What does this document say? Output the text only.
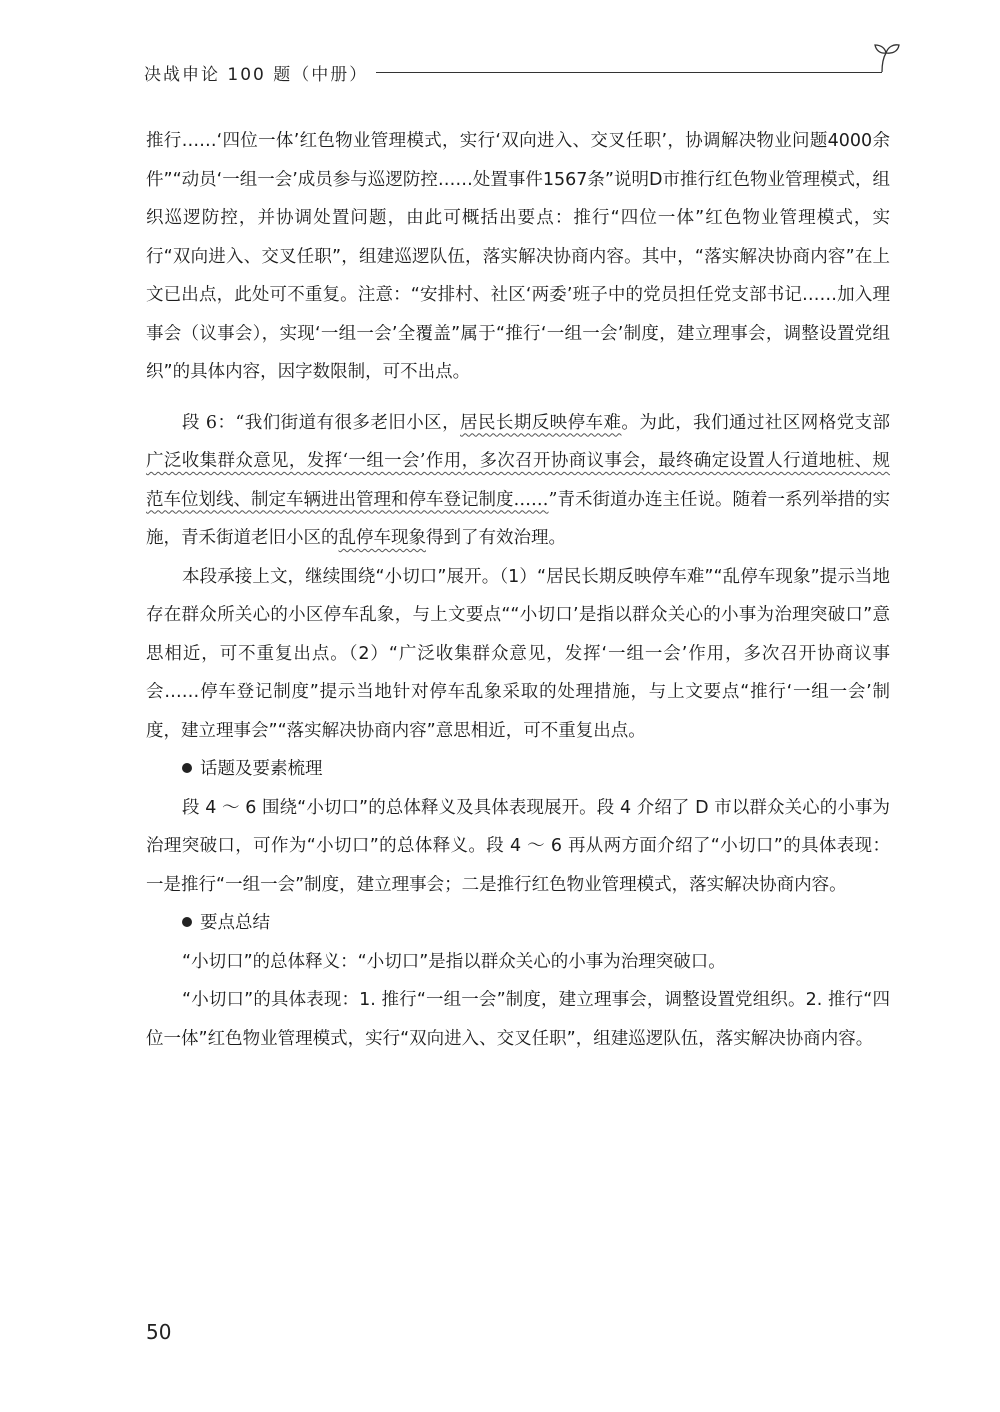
决战申论 100 题（中册）

推行……‘四位一体’红色物业管理模式，实行‘双向进入、交叉任职’，协调解决物业问题4000余件”“动员‘一组一会’成员参与巡逻防控……处置事件1567条”说明D市推行红色物业管理模式，组织巡逻防控，并协调处置问题，由此可概括出要点：推行“四位一体”红色物业管理模式，实行“双向进入、交叉任职”，组建巡逻队伍，落实解决协商内容。其中，“落实解决协商内容”在上文已出点，此处可不重复。注意：“安排村、社区‘两委’班子中的党员担任党支部书记……加入理事会（议事会），实现‘一组一会’全覆盖”属于“推行‘一组一会’制度，建立理事会，调整设置党组织”的具体内容，因字数限制，可不出点。

段 6：“我们街道有很多老旧小区，居民长期反映停车难。为此，我们通过社区网格党支部广泛收集群众意见，发挥‘一组一会’作用，多次召开协商议事会，最终确定设置人行道地桩、规范车位划线、制定车辆进出管理和停车登记制度……”青禾街道办连主任说。随着一系列举措的实施，青禾街道老旧小区的乱停车现象得到了有效治理。

本段承接上文，继续围绕“小切口”展开。（1）“居民长期反映停车难”“乱停车现象”提示当地存在群众所关心的小区停车乱象，与上文要点““小切口’是指以群众关心的小事为治理突破口”意思相近，可不重复出点。（2）“广泛收集群众意见，发挥‘一组一会’作用，多次召开协商议事会……停车登记制度”提示当地针对停车乱象采取的处理措施，与上文要点“推行‘一组一会’制度，建立理事会”“落实解决协商内容”意思相近，可不重复出点。

话题及要素梳理

段 4 ～ 6 围绕“小切口”的总体释义及具体表现展开。段 4 介绍了 D 市以群众关心的小事为治理突破口，可作为“小切口”的总体释义。段 4 ～ 6 再从两方面介绍了“小切口”的具体表现：一是推行“一组一会”制度，建立理事会；二是推行红色物业管理模式，落实解决协商内容。

要点总结

“小切口”的总体释义：“小切口”是指以群众关心的小事为治理突破口。

“小切口”的具体表现：1. 推行“一组一会”制度，建立理事会，调整设置党组织。2. 推行“四位一体”红色物业管理模式，实行“双向进入、交叉任职”，组建巡逻队伍，落实解决协商内容。

50
